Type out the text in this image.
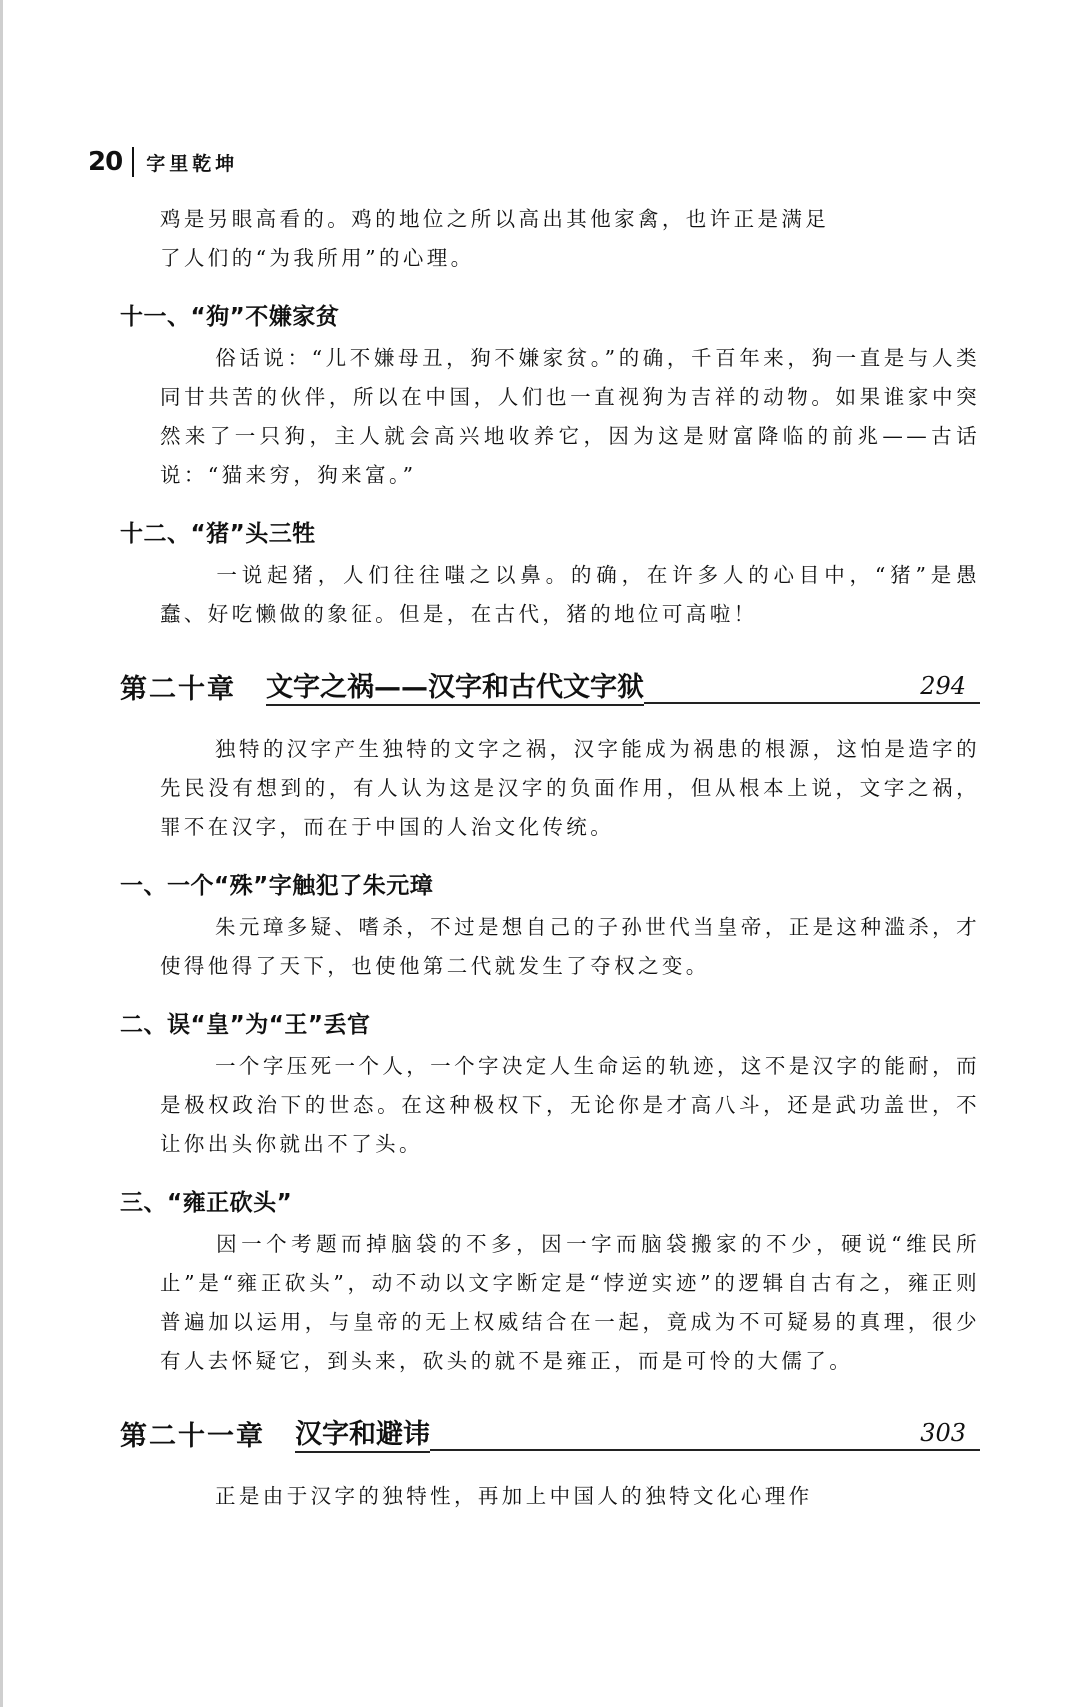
20 字里乾坤

鸡是另眼高看的。鸡的地位之所以高出其他家禽，也许正是满足
了人们的“为我所用”的心理。

十一、“狗”不嫌家贫

俗话说：“儿不嫌母丑，狗不嫌家贫。”的确，千百年来，狗一直是与人类同甘共苦的伙伴，所以在中国，人们也一直视狗为吉祥的动物。如果谁家中突然来了一只狗，主人就会高兴地收养它，因为这是财富降临的前兆——古话说：“猫来穷，狗来富。”

十二、“猪”头三牲

一说起猪，人们往往嗤之以鼻。的确，在许多人的心目中，“猪”是愚蠢、好吃懒做的象征。但是，在古代，猪的地位可高啦！

第二十章 文字之祸——汉字和古代文字狱	294

独特的汉字产生独特的文字之祸，汉字能成为祸患的根源，这怕是造字的先民没有想到的，有人认为这是汉字的负面作用，但从根本上说，文字之祸，罪不在汉字，而在于中国的人治文化传统。

一、一个“殊”字触犯了朱元璋

朱元璋多疑、嗜杀，不过是想自己的子孙世代当皇帝，正是这种滥杀，才使得他得了天下，也使他第二代就发生了夺权之变。

二、误“皇”为“王”丢官

一个字压死一个人，一个字决定人生命运的轨迹，这不是汉字的能耐，而是极权政治下的世态。在这种极权下，无论你是才高八斗，还是武功盖世，不让你出头你就出不了头。

三、“雍正砍头”

因一个考题而掉脑袋的不多，因一字而脑袋搬家的不少，硬说“维民所止”是“雍正砍头”，动不动以文字断定是“悖逆实迹”的逻辑自古有之，雍正则普遍加以运用，与皇帝的无上权威结合在一起，竟成为不可疑易的真理，很少有人去怀疑它，到头来，砍头的就不是雍正，而是可怜的大儒了。

第二十一章 汉字和避讳	303

正是由于汉字的独特性，再加上中国人的独特文化心理作
